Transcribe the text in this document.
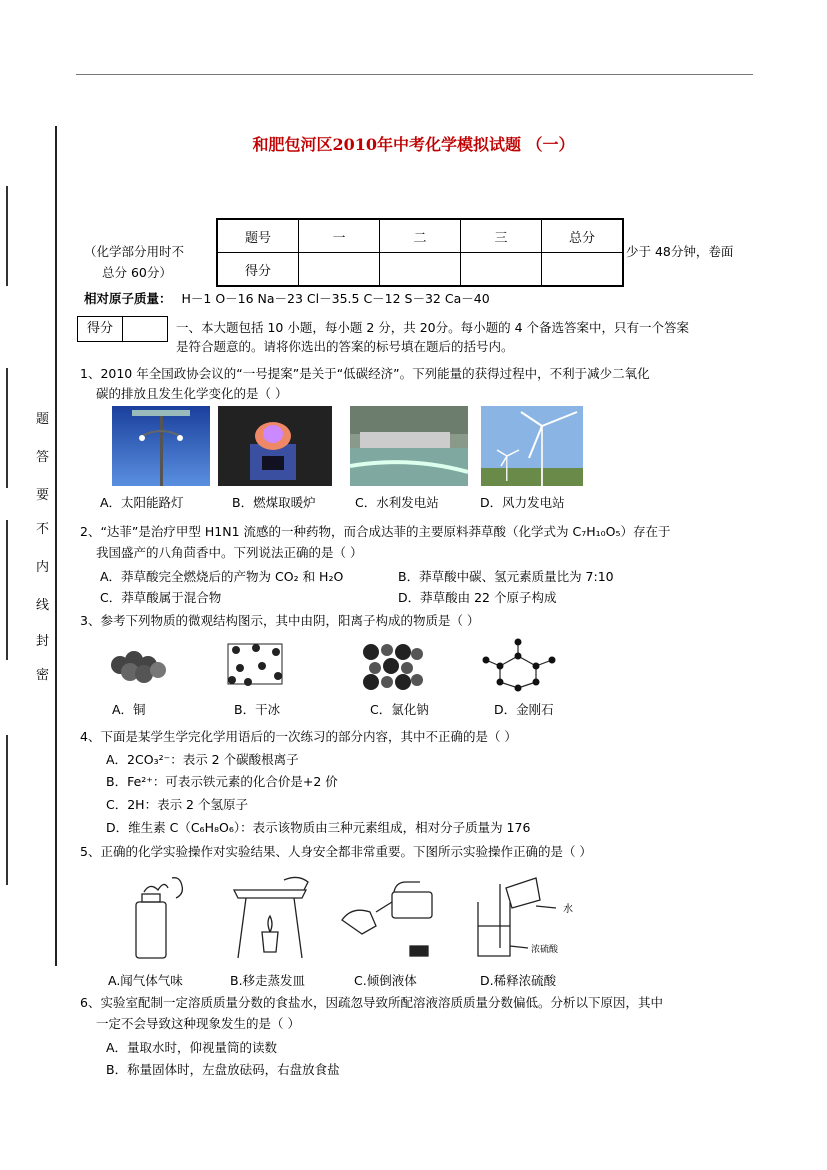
题
答
要
不
内
线
封
密
和肥包河区2010年中考化学模拟试题 （一）
（化学部分用时不
总分 60分）
少于 48分钟，卷面
题号	一	二	三	总分
得分				
相对原子质量： H－1 O－16 Na－23 Cl－35.5 C－12 S－32 Ca－40
得分	一、本大题包括 10 小题，每小题 2 分，共 20分。每小题的 4 个备选答案中，只有一个答案
是符合题意的。请将你选出的答案的标号填在题后的括号内。
1、2010 年全国政协会议的“一号提案”是关于“低碳经济”。下列能量的获得过程中，不利于减少二氧化
碳的排放且发生化学变化的是（ ）
A．太阳能路灯	B．燃煤取暖炉	C．水利发电站	D．风力发电站
2、“达菲”是治疗甲型 H1N1 流感的一种药物，而合成达菲的主要原料莽草酸（化学式为 C₇H₁₀O₅）存在于
我国盛产的八角茴香中。下列说法正确的是（ ）
A．莽草酸完全燃烧后的产物为 CO₂ 和 H₂O	B．莽草酸中碳、氢元素质量比为 7:10
C．莽草酸属于混合物	D．莽草酸由 22 个原子构成
3、参考下列物质的微观结构图示，其中由阴，阳离子构成的物质是（ ）
A．铜	B．干冰	C．氯化钠	D．金刚石
4、下面是某学生学完化学用语后的一次练习的部分内容，其中不正确的是（ ）
A．2CO₃²⁻：表示 2 个碳酸根离子
B．Fe²⁺：可表示铁元素的化合价是+2 价
C．2H：表示 2 个氢原子
D．维生素 C（C₆H₈O₆）：表示该物质由三种元素组成，相对分子质量为 176
5、正确的化学实验操作对实验结果、人身安全都非常重要。下图所示实验操作正确的是（ ）
水
浓硫酸
A.闻气体气味	B.移走蒸发皿	C.倾倒液体	D.稀释浓硫酸
6、实验室配制一定溶质质量分数的食盐水，因疏忽导致所配溶液溶质质量分数偏低。分析以下原因，其中
一定不会导致这种现象发生的是（ ）
A．量取水时，仰视量筒的读数
B．称量固体时，左盘放砝码，右盘放食盐
